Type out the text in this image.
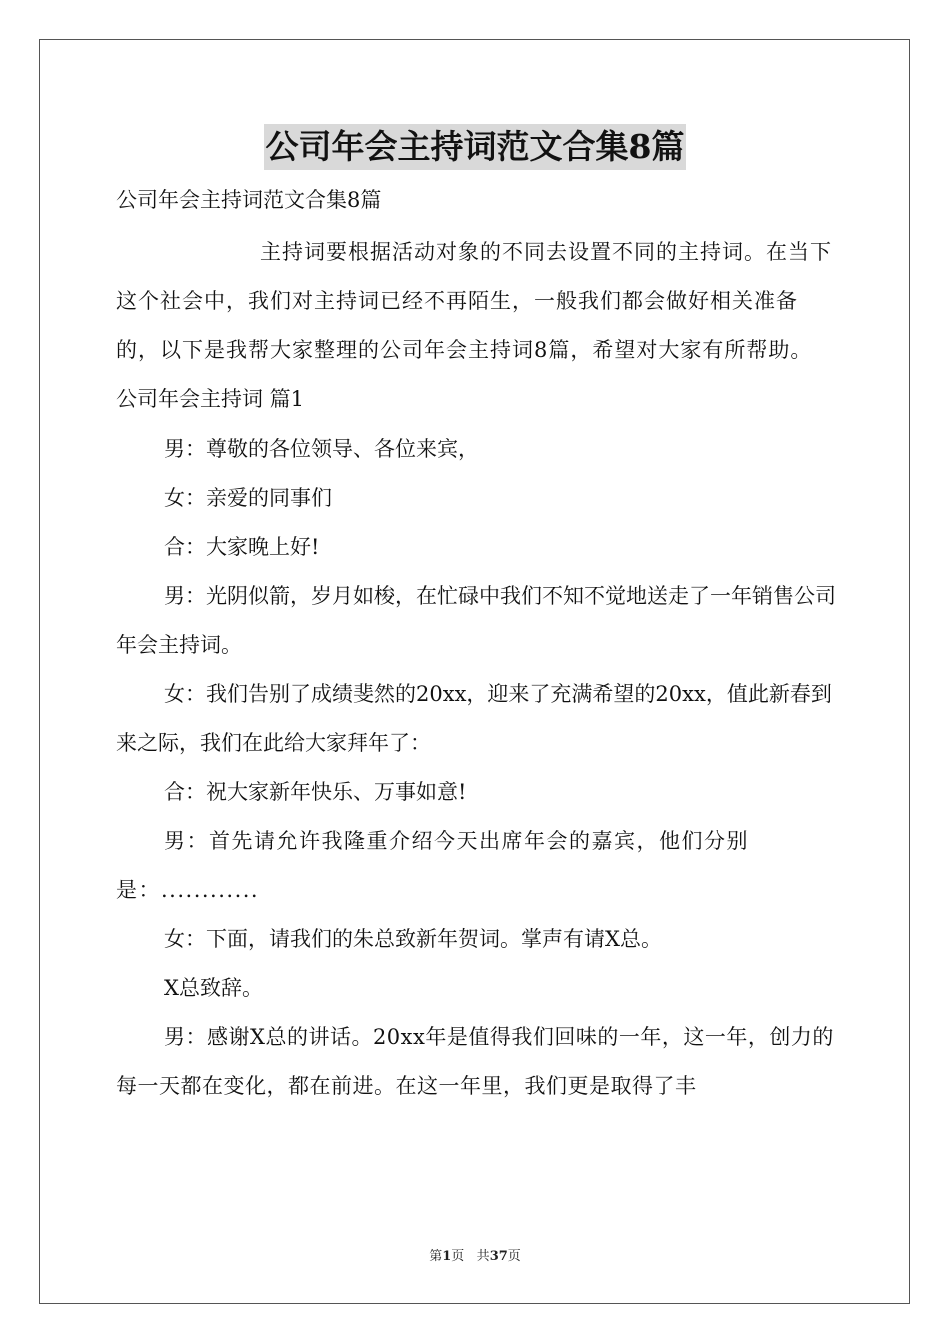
公司年会主持词范文合集8篇

公司年会主持词范文合集8篇

主持词要根据活动对象的不同去设置不同的主持词。在当下这个社会中，我们对主持词已经不再陌生，一般我们都会做好相关准备的，以下是我帮大家整理的公司年会主持词8篇，希望对大家有所帮助。

公司年会主持词 篇1

男：尊敬的各位领导、各位来宾，

女：亲爱的同事们

合：大家晚上好!

男：光阴似箭，岁月如梭，在忙碌中我们不知不觉地送走了一年销售公司年会主持词。

女：我们告别了成绩斐然的20xx，迎来了充满希望的20xx，值此新春到来之际，我们在此给大家拜年了：

合：祝大家新年快乐、万事如意!

男：首先请允许我隆重介绍今天出席年会的嘉宾，他们分别是：............

女：下面，请我们的朱总致新年贺词。掌声有请X总。

X总致辞。

男：感谢X总的讲话。20xx年是值得我们回味的一年，这一年，创力的每一天都在变化，都在前进。在这一年里，我们更是取得了丰

第1页 共37页
